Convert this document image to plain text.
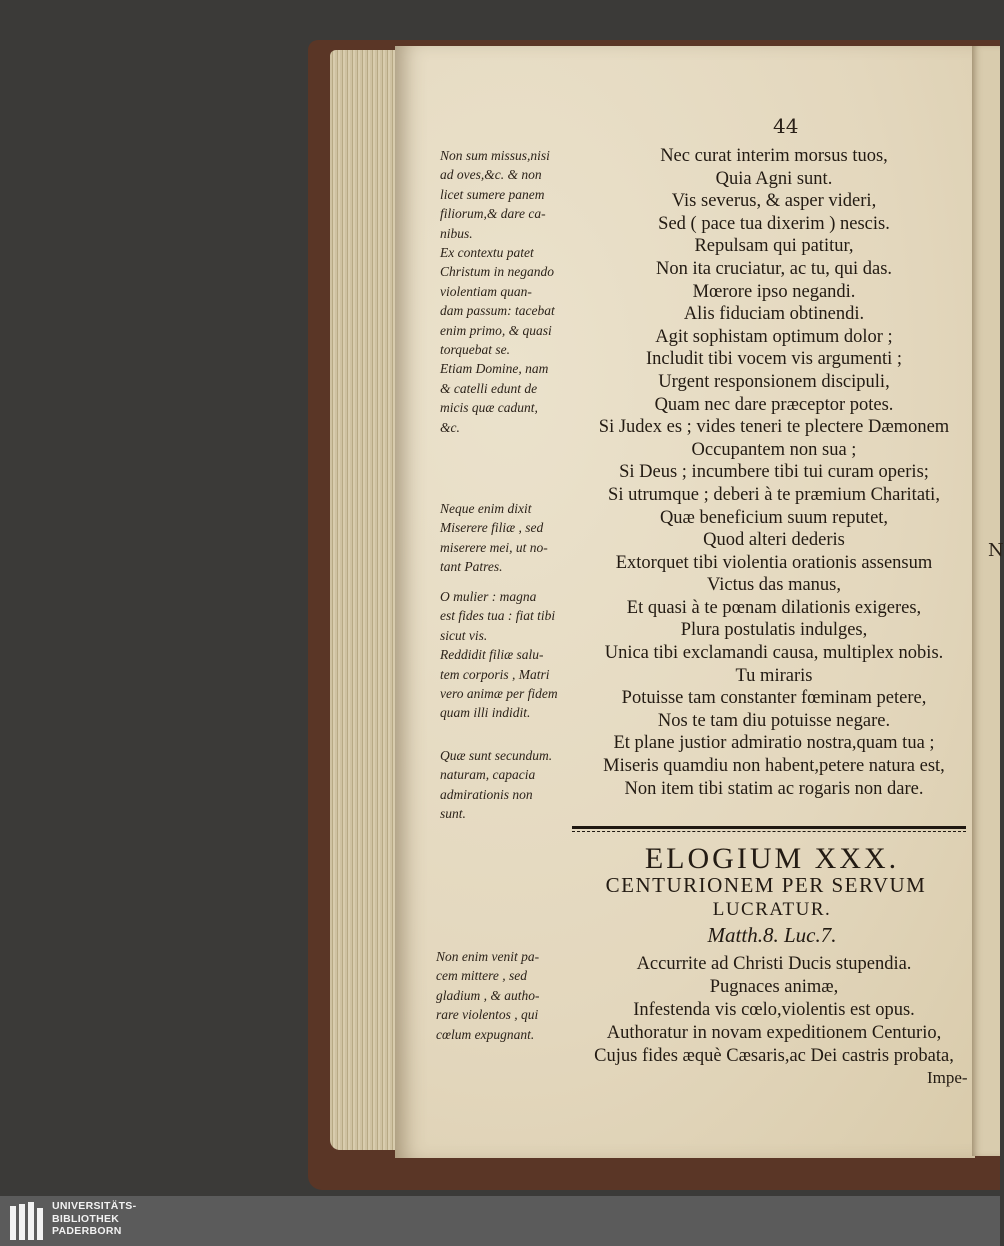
N
44
Non sum missus,nisi
ad oves,&c. & non
licet sumere panem
filiorum,& dare ca-
nibus.
Ex contextu patet
Christum in negando
violentiam quan-
dam passum: tacebat
enim primo, & quasi
torquebat se.
Etiam Domine, nam
& catelli edunt de
micis quæ cadunt,
&c.
Neque enim dixit
Miserere filiæ , sed
miserere mei, ut no-
tant Patres.
O mulier : magna
est fides tua : fiat tibi
sicut vis.
Reddidit filiæ salu-
tem corporis , Matri
vero animæ per fidem
quam illi indidit.
Quæ sunt secundum.
naturam, capacia
admirationis non
sunt.
Non enim venit pa-
cem mittere , sed
gladium , & autho-
rare violentos , qui
cœlum expugnant.
Nec curat interim morsus tuos,
Quia Agni sunt.
Vis severus, & asper videri,
Sed ( pace tua dixerim ) nescis.
Repulsam qui patitur,
Non ita cruciatur, ac tu, qui das.
Mœrore ipso negandi.
Alis fiduciam obtinendi.
Agit sophistam optimum dolor ;
Includit tibi vocem vis argumenti ;
Urgent responsionem discipuli,
Quam nec dare præceptor potes.
Si Judex es ; vides teneri te plectere Dæmonem
Occupantem non sua ;
Si Deus ; incumbere tibi tui curam operis;
Si utrumque ; deberi à te præmium Charitati,
Quæ beneficium suum reputet,
Quod alteri dederis
Extorquet tibi violentia orationis assensum
Victus das manus,
Et quasi à te pœnam dilationis exigeres,
Plura postulatis indulges,
Unica tibi exclamandi causa, multiplex nobis.
Tu miraris
Potuisse tam constanter fœminam petere,
Nos te tam diu potuisse negare.
Et plane justior admiratio nostra,quam tua ;
Miseris quamdiu non habent,petere natura est,
Non item tibi statim ac rogaris non dare.
ELOGIUM XXX.
CENTURIONEM PER SERVUM
LUCRATUR.
Matth.8. Luc.7.
Accurrite ad Christi Ducis stupendia.
Pugnaces animæ,
Infestenda vis cœlo,violentis est opus.
Authoratur in novam expeditionem Centurio,
Cujus fides æquè Cæsaris,ac Dei castris probata,
Impe-
UNIVERSITÄTS-
BIBLIOTHEK
PADERBORN
